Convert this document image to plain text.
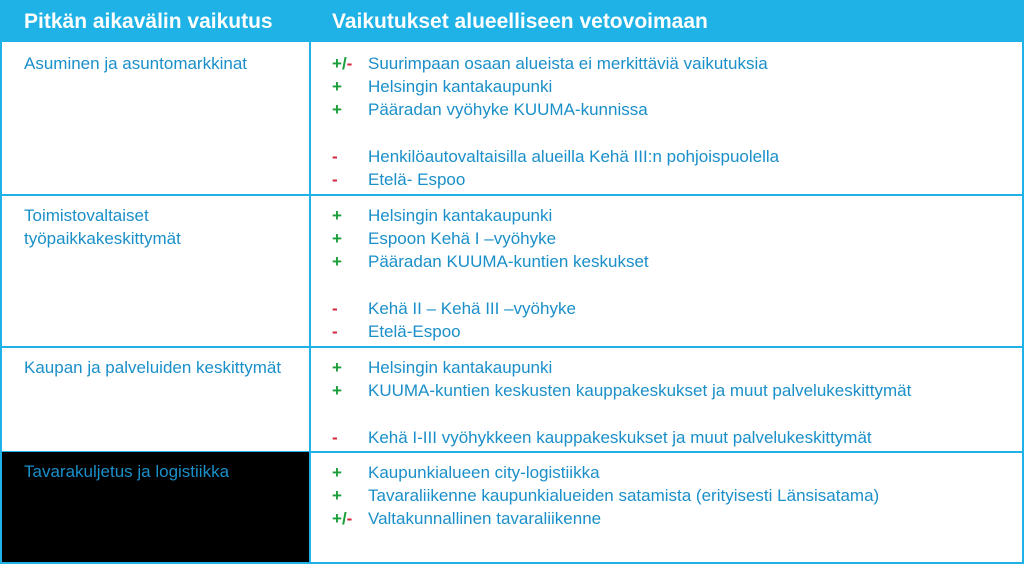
Pitkän aikavälin vaikutus	Vaikutukset alueelliseen vetovoimaan
Asuminen ja asuntomarkkinat	+/- Suurimpaan osaan alueista ei merkittäviä vaikutuksia
+	Helsingin kantakaupunki
+	Pääradan vyöhyke KUUMA-kunnissa
-	Henkilöautovaltaisilla alueilla Kehä III:n pohjoispuolella
-	Etelä- Espoo
Toimistovaltaiset työpaikkakeskittymät
+	Helsingin kantakaupunki
+	Espoon Kehä I –vyöhyke
+	Pääradan KUUMA-kuntien keskukset
-	Kehä II – Kehä III –vyöhyke
-	Etelä-Espoo
Kaupan ja palveluiden keskittymät	+	Helsingin kantakaupunki
+	KUUMA-kuntien keskusten kauppakeskukset ja muut palvelukeskittymät
-	Kehä I-III vyöhykkeen kauppakeskukset ja muut palvelukeskittymät
Tavarakuljetus ja logistiikka	+	Kaupunkialueen city-logistiikka
+	Tavaraliikenne kaupunkialueiden satamista (erityisesti Länsisatama)
+/- Valtakunnallinen tavaraliikenne
